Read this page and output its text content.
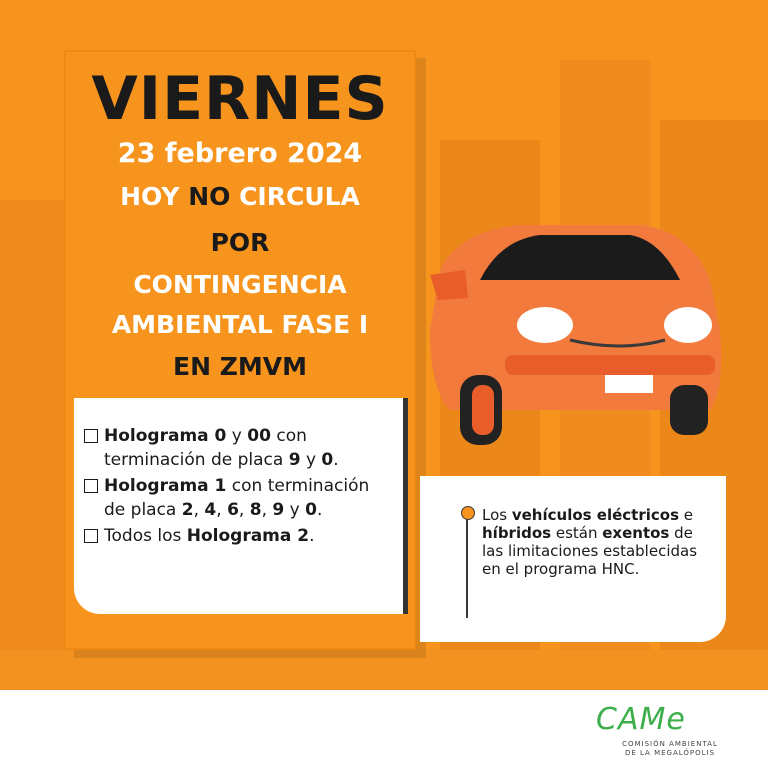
VIERNES
23 febrero 2024
HOY NO CIRCULA
POR
CONTINGENCIA
AMBIENTAL FASE I
EN ZMVM
Holograma 0 y 00 con terminación de placa 9 y 0.
Holograma 1 con terminación de placa 2, 4, 6, 8, 9 y 0.
Todos los Holograma 2.
Los vehículos eléctricos e híbridos están exentos de las limitaciones establecidas en el programa HNC.
CAMe
COMISIÓN AMBIENTAL
DE LA MEGALÓPOLIS
